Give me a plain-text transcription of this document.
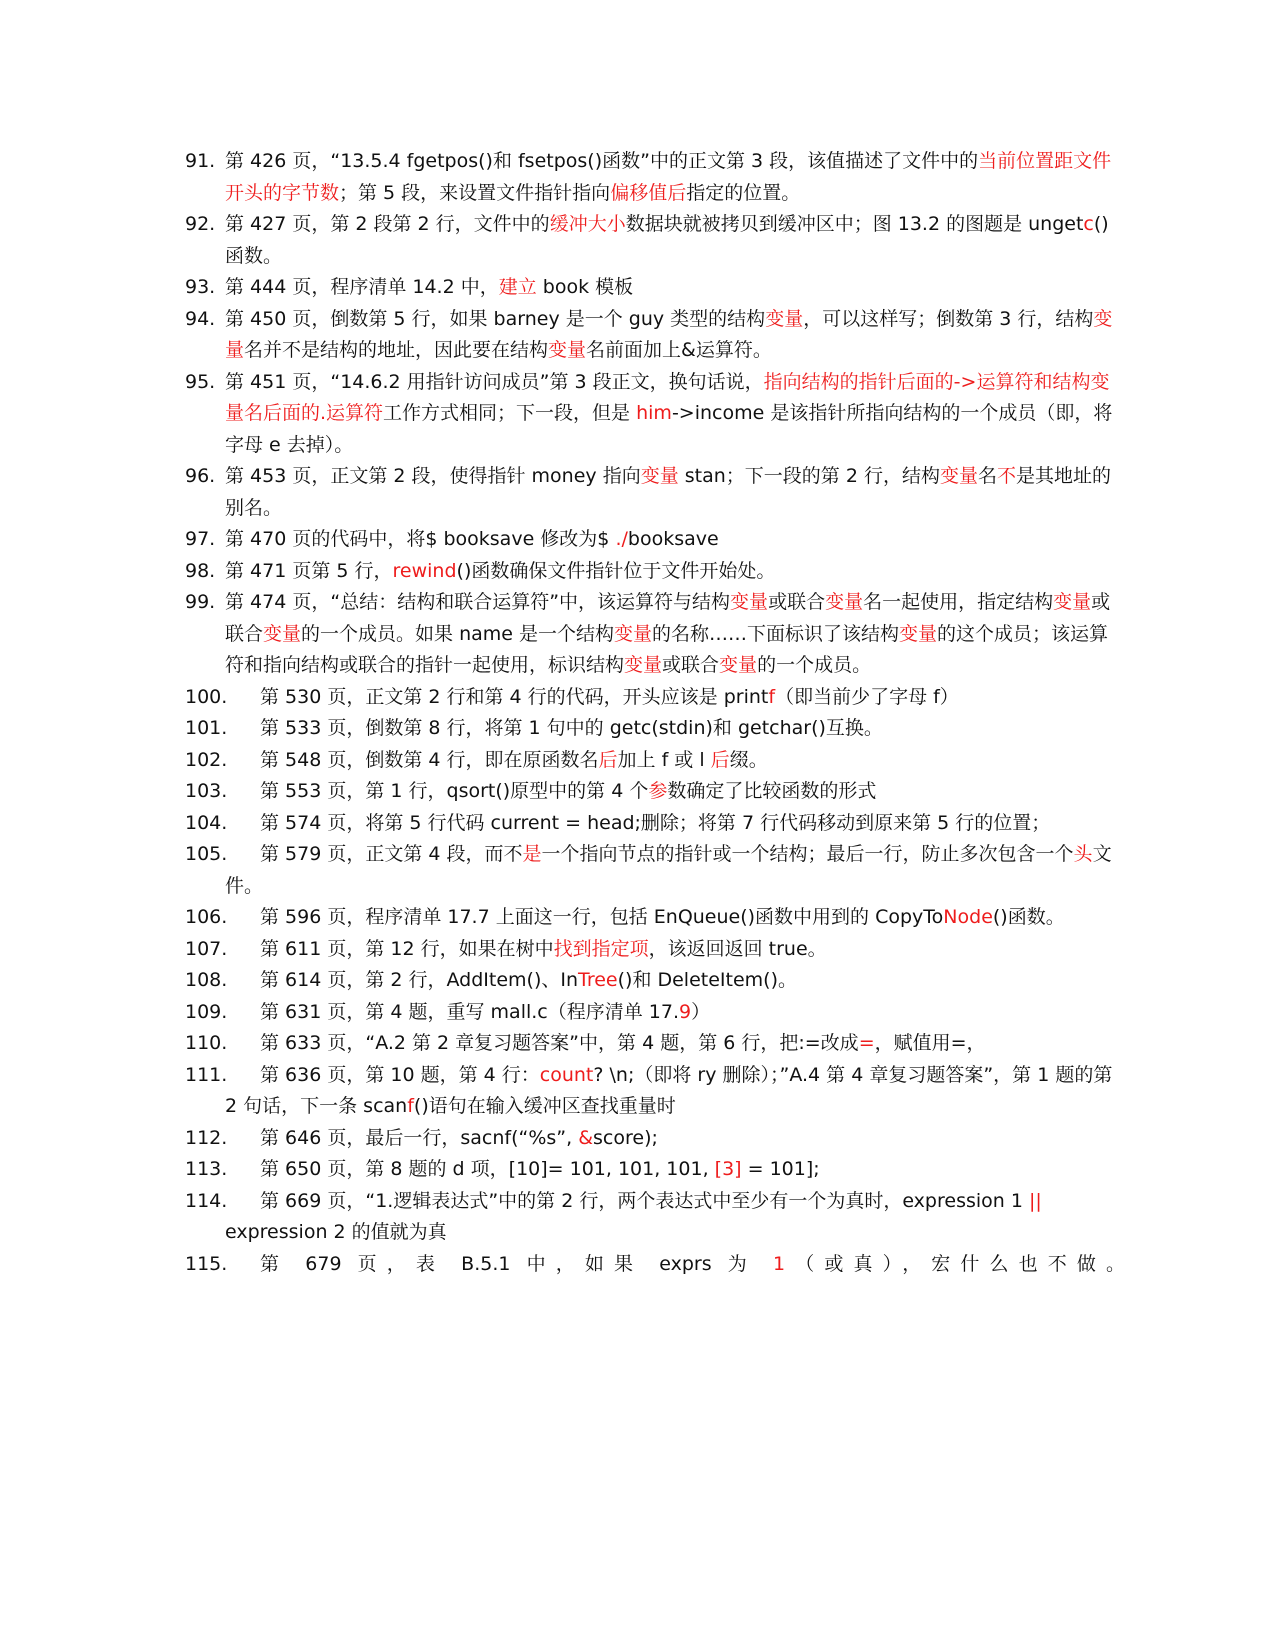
91. 第 426 页，“13.5.4 fgetpos()和 fsetpos()函数”中的正文第 3 段，该值描述了文件中的当前位置距文件开头的字节数；第 5 段，来设置文件指针指向偏移值后指定的位置。
92. 第 427 页，第 2 段第 2 行，文件中的缓冲大小数据块就被拷贝到缓冲区中；图 13.2 的图题是 ungetc()函数。
93. 第 444 页，程序清单 14.2 中，建立 book 模板
94. 第 450 页，倒数第 5 行，如果 barney 是一个 guy 类型的结构变量，可以这样写；倒数第 3 行，结构变量名并不是结构的地址，因此要在结构变量名前面加上&运算符。
95. 第 451 页，“14.6.2 用指针访问成员”第 3 段正文，换句话说，指向结构的指针后面的->运算符和结构变量名后面的.运算符工作方式相同；下一段，但是 him->income 是该指针所指向结构的一个成员（即，将字母 e 去掉）。
96. 第 453 页，正文第 2 段，使得指针 money 指向变量 stan；下一段的第 2 行，结构变量名不是其地址的别名。
97. 第 470 页的代码中，将$ booksave 修改为$ ./booksave
98. 第 471 页第 5 行，rewind()函数确保文件指针位于文件开始处。
99. 第 474 页，“总结：结构和联合运算符”中，该运算符与结构变量或联合变量名一起使用，指定结构变量或联合变量的一个成员。如果 name 是一个结构变量的名称……下面标识了该结构变量的这个成员；该运算符和指向结构或联合的指针一起使用，标识结构变量或联合变量的一个成员。
100.	第 530 页，正文第 2 行和第 4 行的代码，开头应该是 printf（即当前少了字母 f）
101.	第 533 页，倒数第 8 行，将第 1 句中的 getc(stdin)和 getchar()互换。
102.	第 548 页，倒数第 4 行，即在原函数名后加上 f 或 l 后缀。
103.	第 553 页，第 1 行，qsort()原型中的第 4 个参数确定了比较函数的形式
104.	第 574 页，将第 5 行代码 current = head;删除；将第 7 行代码移动到原来第 5 行的位置；
105.	第 579 页，正文第 4 段，而不是一个指向节点的指针或一个结构；最后一行，防止多次包含一个头文件。
106.	第 596 页，程序清单 17.7 上面这一行，包括 EnQueue()函数中用到的 CopyToNode()函数。
107.	第 611 页，第 12 行，如果在树中找到指定项，该返回返回 true。
108.	第 614 页，第 2 行，AddItem()、InTree()和 DeleteItem()。
109.	第 631 页，第 4 题，重写 mall.c（程序清单 17.9）
110.	第 633 页，“A.2 第 2 章复习题答案”中，第 4 题，第 6 行，把:=改成=，赋值用=，
111.	第 636 页，第 10 题，第 4 行：count? \n;（即将 ry 删除）；”A.4 第 4 章复习题答案”，第 1 题的第 2 句话，下一条 scanf()语句在输入缓冲区查找重量时
112.	第 646 页，最后一行，sacnf(“%s”, &score);
113.	第 650 页，第 8 题的 d 项，[10]= 101, 101, 101, [3] = 101];
114.	第 669 页，“1.逻辑表达式”中的第 2 行，两个表达式中至少有一个为真时，expression 1 || expression 2 的值就为真
115.	第 679 页，表 B.5.1 中，如果 exprs 为 1（或真），宏什么也不做。
